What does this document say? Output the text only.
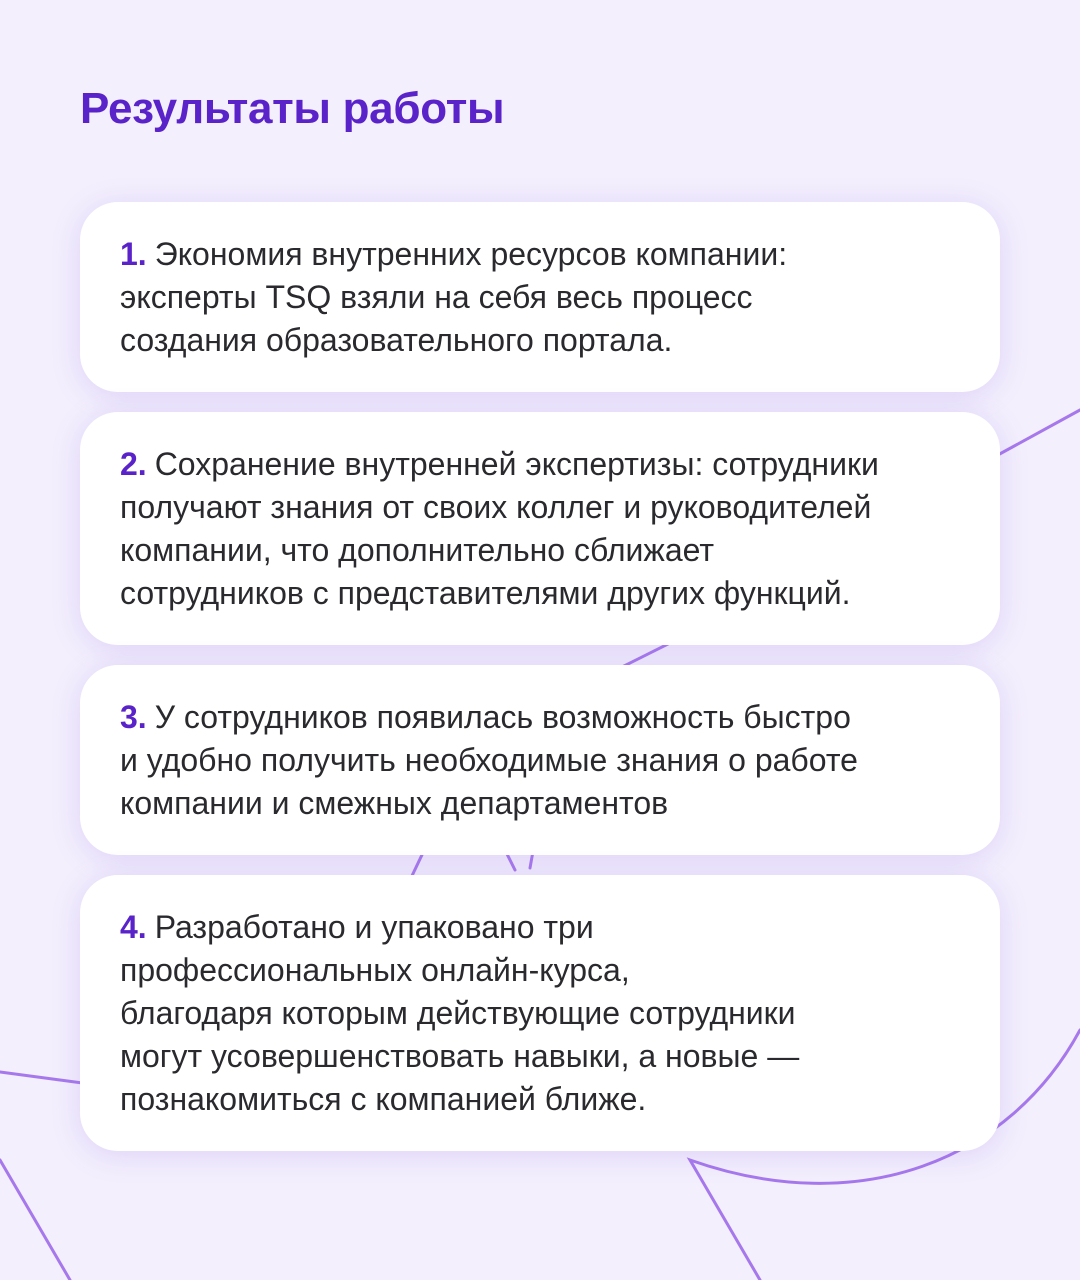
Результаты работы

1. Экономия внутренних ресурсов компании:
эксперты TSQ взяли на себя весь процесс
создания образовательного портала.

2. Сохранение внутренней экспертизы: сотрудники
получают знания от своих коллег и руководителей
компании, что дополнительно сближает
сотрудников с представителями других функций.

3. У сотрудников появилась возможность быстро
и удобно получить необходимые знания о работе
компании и смежных департаментов

4. Разработано и упаковано три
профессиональных онлайн-курса,
благодаря которым действующие сотрудники
могут усовершенствовать навыки, а новые —
познакомиться с компанией ближе.
